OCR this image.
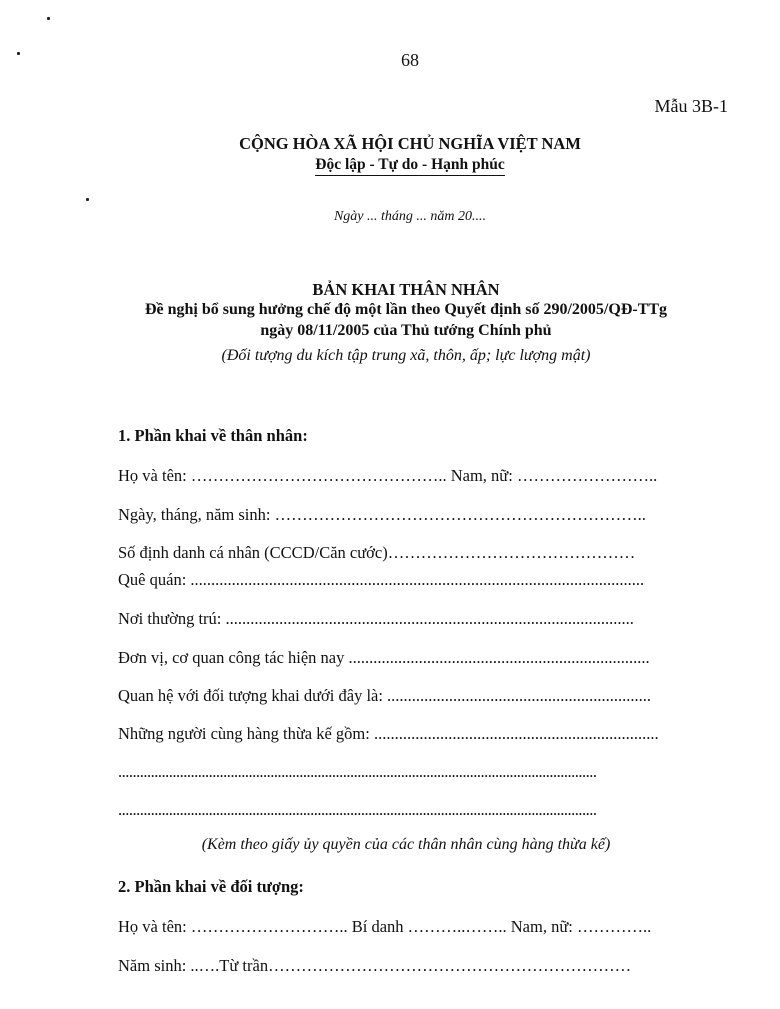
68
Mẫu 3B-1
CỘNG HÒA XÃ HỘI CHỦ NGHĨA VIỆT NAM
Độc lập - Tự do - Hạnh phúc
Ngày ... tháng ... năm 20....
BẢN KHAI THÂN NHÂN
Đề nghị bổ sung hưởng chế độ một lần theo Quyết định số 290/2005/QĐ-TTg
ngày 08/11/2005 của Thủ tướng Chính phủ
(Đối tượng du kích tập trung xã, thôn, ấp; lực lượng mật)
1. Phần khai về thân nhân:
Họ và tên: ……………………………………….. Nam, nữ: ……………………..
Ngày, tháng, năm sinh: …………………………………………………………..
Số định danh cá nhân (CCCD/Căn cước)………………………………………
Quê quán: ..............................................................................................................
Nơi thường trú: ...................................................................................................
Đơn vị, cơ quan công tác hiện nay .........................................................................
Quan hệ với đối tượng khai dưới đây là: ................................................................
Những người cùng hàng thừa kế gồm: .....................................................................
....................................................................................................................................
....................................................................................................................................
(Kèm theo giấy ủy quyền của các thân nhân cùng hàng thừa kế)
2. Phần khai về đối tượng:
Họ và tên: ……………………….. Bí danh ………..…….. Nam, nữ: …………..
Năm sinh: ..….Từ trần…………………………………………………………
